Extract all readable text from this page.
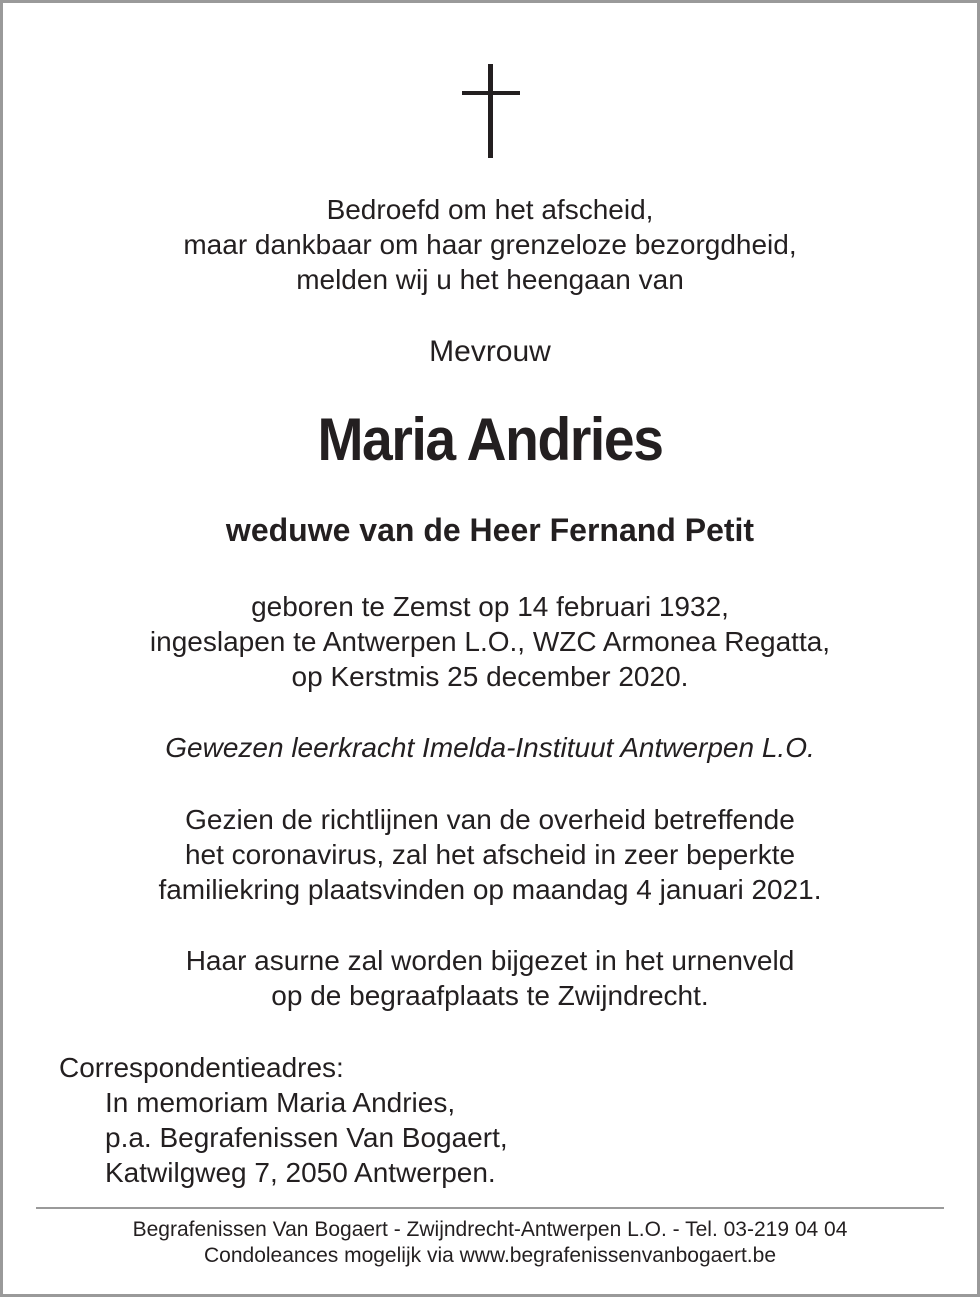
Bedroefd om het afscheid,
maar dankbaar om haar grenzeloze bezorgdheid,
melden wij u het heengaan van
Mevrouw
Maria Andries
weduwe van de Heer Fernand Petit
geboren te Zemst op 14 februari 1932,
ingeslapen te Antwerpen L.O., WZC Armonea Regatta,
op Kerstmis 25 december 2020.
Gewezen leerkracht Imelda-Instituut Antwerpen L.O.
Gezien de richtlijnen van de overheid betreffende
het coronavirus, zal het afscheid in zeer beperkte
familiekring plaatsvinden op maandag 4 januari 2021.
Haar asurne zal worden bijgezet in het urnenveld
op de begraafplaats te Zwijndrecht.
Correspondentieadres:
In memoriam Maria Andries,
p.a. Begrafenissen Van Bogaert,
Katwilgweg 7, 2050 Antwerpen.
Begrafenissen Van Bogaert - Zwijndrecht-Antwerpen L.O. - Tel. 03-219 04 04
Condoleances mogelijk via www.begrafenissenvanbogaert.be
